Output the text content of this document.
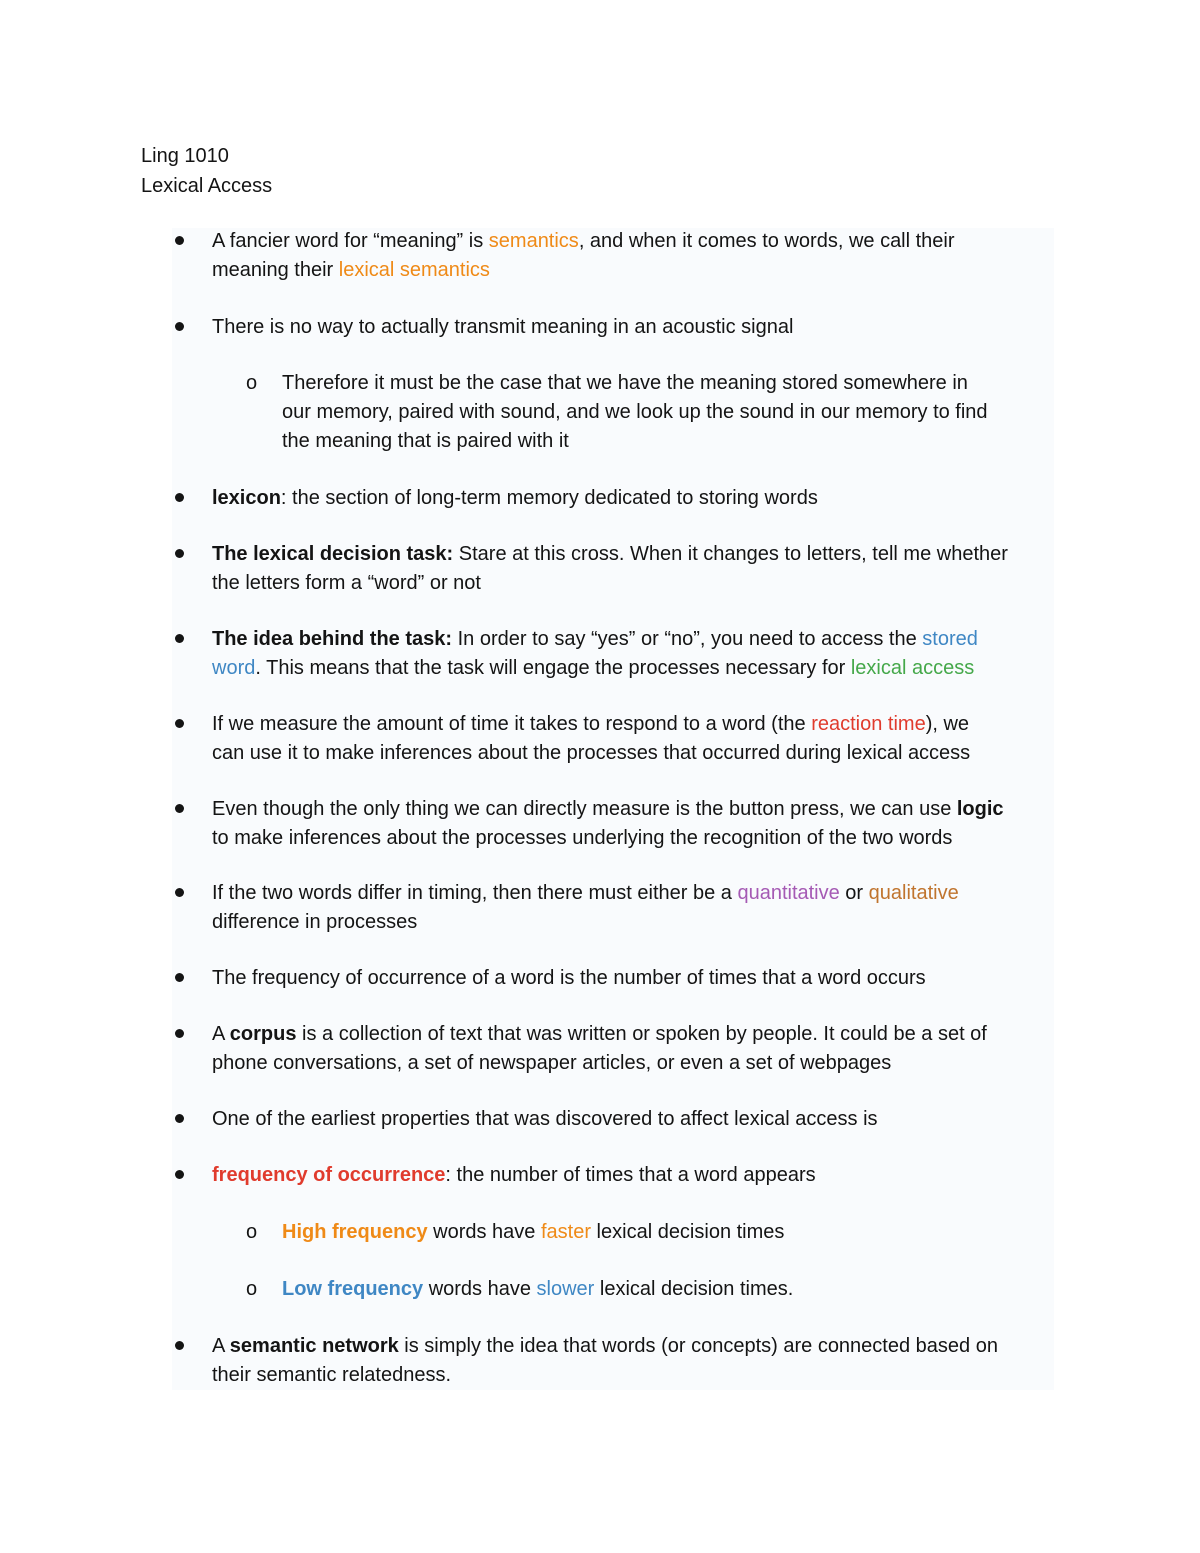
Ling 1010
Lexical Access
A fancier word for “meaning” is semantics, and when it comes to words, we call their
meaning their lexical semantics
There is no way to actually transmit meaning in an acoustic signal
o Therefore it must be the case that we have the meaning stored somewhere in
our memory, paired with sound, and we look up the sound in our memory to find
the meaning that is paired with it
lexicon: the section of long-term memory dedicated to storing words
The lexical decision task: Stare at this cross. When it changes to letters, tell me whether
the letters form a “word” or not
The idea behind the task: In order to say “yes” or “no”, you need to access the stored
word. This means that the task will engage the processes necessary for lexical access
If we measure the amount of time it takes to respond to a word (the reaction time), we
can use it to make inferences about the processes that occurred during lexical access
Even though the only thing we can directly measure is the button press, we can use logic
to make inferences about the processes underlying the recognition of the two words
If the two words differ in timing, then there must either be a quantitative or qualitative
difference in processes
The frequency of occurrence of a word is the number of times that a word occurs
A corpus is a collection of text that was written or spoken by people. It could be a set of
phone conversations, a set of newspaper articles, or even a set of webpages
One of the earliest properties that was discovered to affect lexical access is
frequency of occurrence: the number of times that a word appears
o High frequency words have faster lexical decision times
o Low frequency words have slower lexical decision times.
A semantic network is simply the idea that words (or concepts) are connected based on
their semantic relatedness.
